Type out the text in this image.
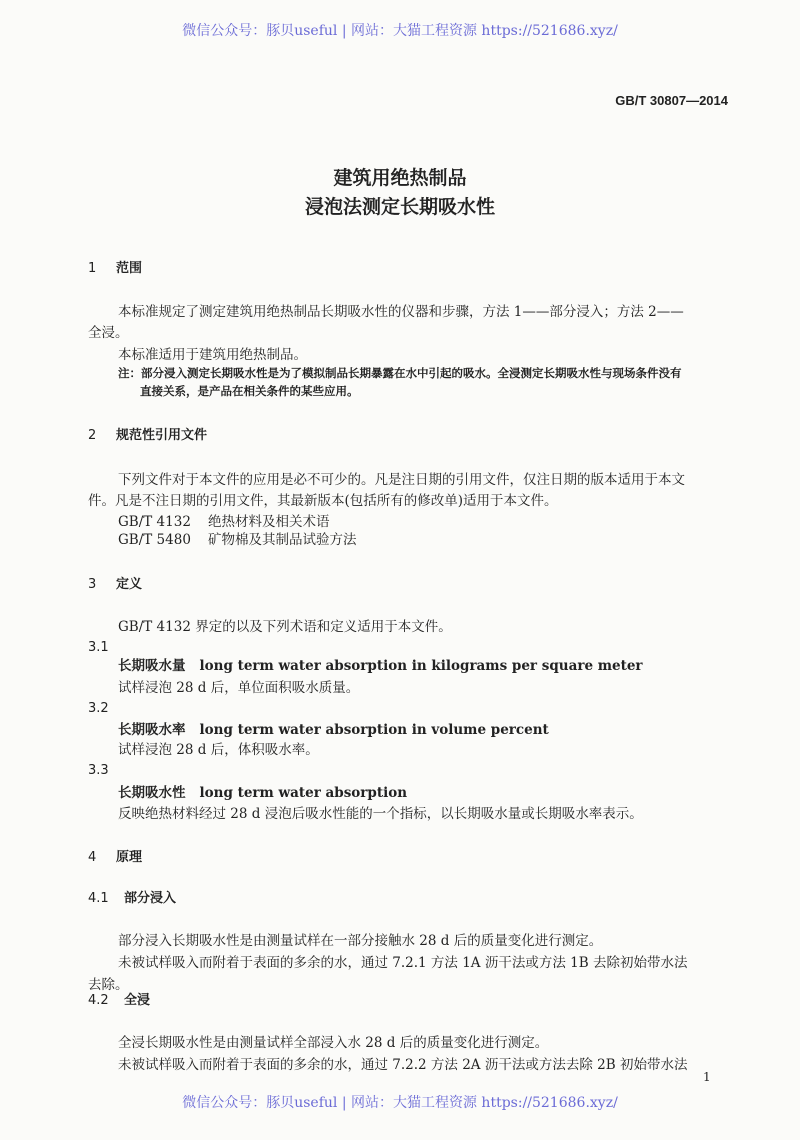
微信公众号：豚贝useful | 网站：大猫工程资源 https://521686.xyz/
GB/T 30807—2014
建筑用绝热制品
浸泡法测定长期吸水性
1 范围
本标准规定了测定建筑用绝热制品长期吸水性的仪器和步骤，方法 1——部分浸入；方法 2——
全浸。
本标准适用于建筑用绝热制品。
注：部分浸入测定长期吸水性是为了模拟制品长期暴露在水中引起的吸水。全浸测定长期吸水性与现场条件没有
直接关系，是产品在相关条件的某些应用。
2 规范性引用文件
下列文件对于本文件的应用是必不可少的。凡是注日期的引用文件，仅注日期的版本适用于本文
件。凡是不注日期的引用文件，其最新版本(包括所有的修改单)适用于本文件。
GB/T 4132 绝热材料及相关术语
GB/T 5480 矿物棉及其制品试验方法
3 定义
GB/T 4132 界定的以及下列术语和定义适用于本文件。
3.1
长期吸水量 long term water absorption in kilograms per square meter
试样浸泡 28 d 后，单位面积吸水质量。
3.2
长期吸水率 long term water absorption in volume percent
试样浸泡 28 d 后，体积吸水率。
3.3
长期吸水性 long term water absorption
反映绝热材料经过 28 d 浸泡后吸水性能的一个指标，以长期吸水量或长期吸水率表示。
4 原理
4.1 部分浸入
部分浸入长期吸水性是由测量试样在一部分接触水 28 d 后的质量变化进行测定。
未被试样吸入而附着于表面的多余的水，通过 7.2.1 方法 1A 沥干法或方法 1B 去除初始带水法
去除。
4.2 全浸
全浸长期吸水性是由测量试样全部浸入水 28 d 后的质量变化进行测定。
未被试样吸入而附着于表面的多余的水，通过 7.2.2 方法 2A 沥干法或方法去除 2B 初始带水法
1
微信公众号：豚贝useful | 网站：大猫工程资源 https://521686.xyz/
